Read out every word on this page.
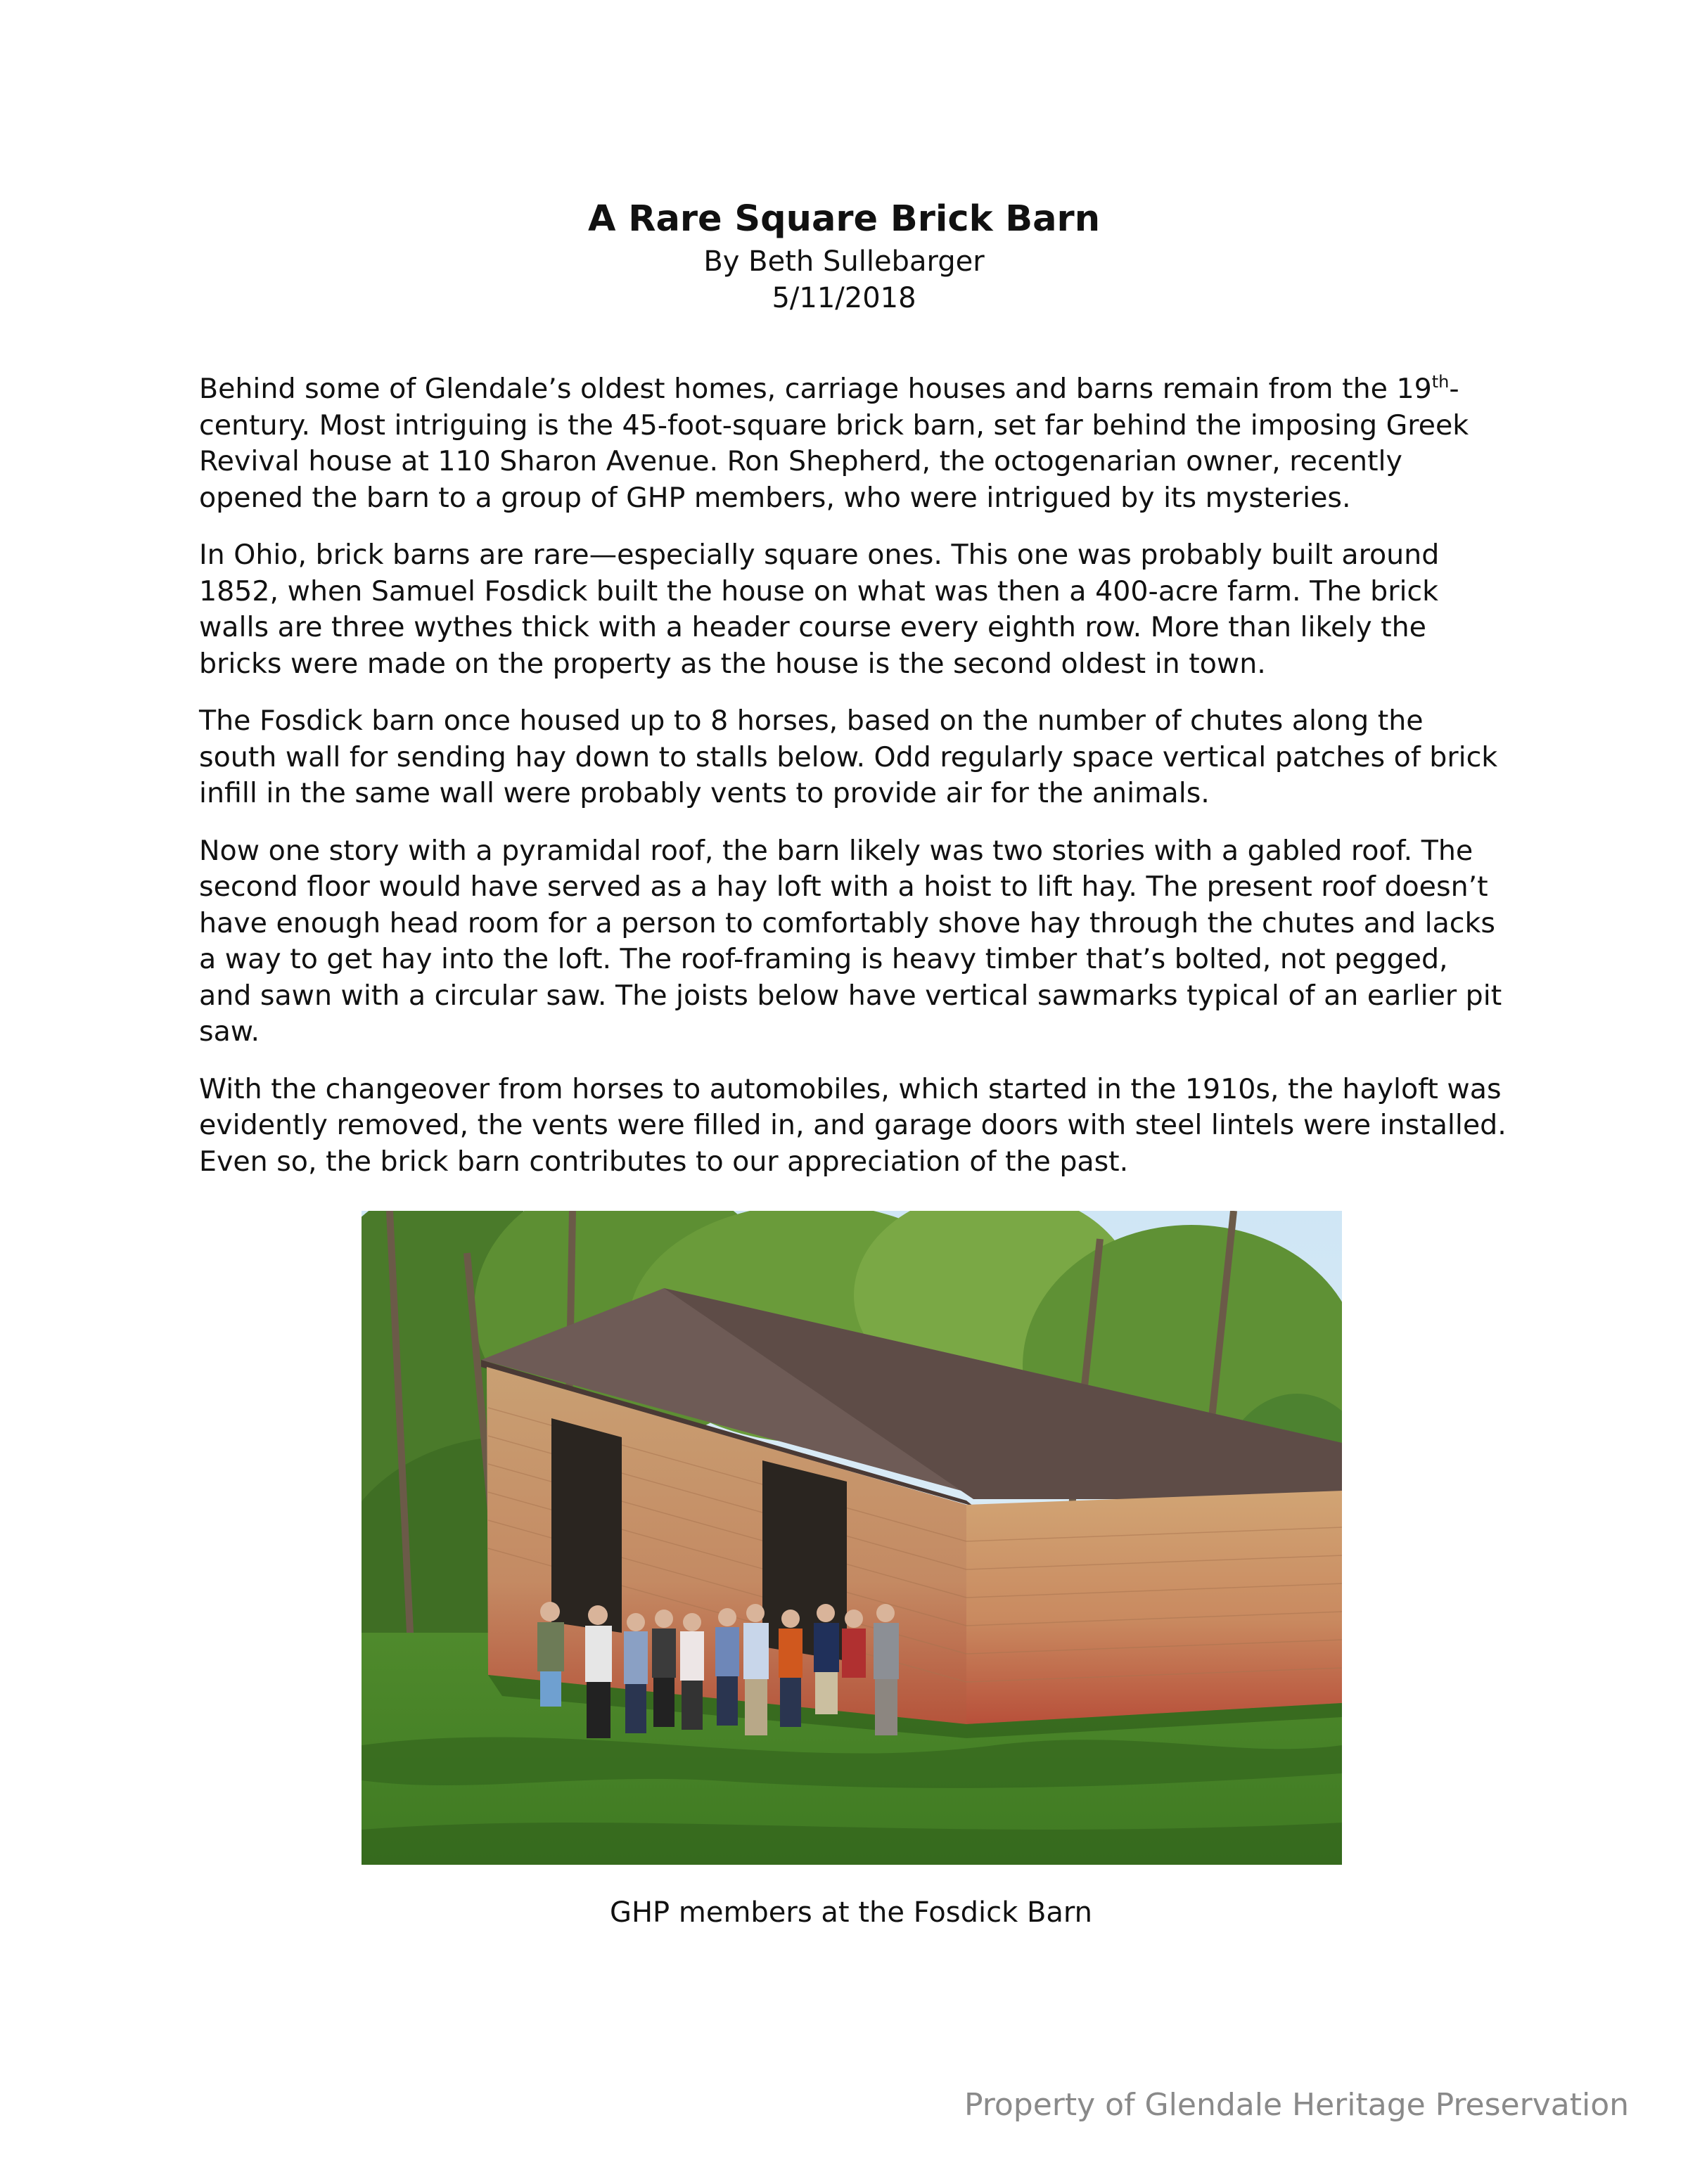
A Rare Square Brick Barn
By Beth Sullebarger
5/11/2018

Behind some of Glendale’s oldest homes, carriage houses and barns remain from the 19th- century. Most intriguing is the 45-foot-square brick barn, set far behind the imposing Greek Revival house at 110 Sharon Avenue. Ron Shepherd, the octogenarian owner, recently opened the barn to a group of GHP members, who were intrigued by its mysteries.

In Ohio, brick barns are rare—especially square ones. This one was probably built around 1852, when Samuel Fosdick built the house on what was then a 400-acre farm. The brick walls are three wythes thick with a header course every eighth row. More than likely the bricks were made on the property as the house is the second oldest in town.

The Fosdick barn once housed up to 8 horses, based on the number of chutes along the south wall for sending hay down to stalls below. Odd regularly space vertical patches of brick infill in the same wall were probably vents to provide air for the animals.

Now one story with a pyramidal roof, the barn likely was two stories with a gabled roof. The second floor would have served as a hay loft with a hoist to lift hay. The present roof doesn’t have enough head room for a person to comfortably shove hay through the chutes and lacks a way to get hay into the loft. The roof-framing is heavy timber that’s bolted, not pegged, and sawn with a circular saw. The joists below have vertical sawmarks typical of an earlier pit saw.

With the changeover from horses to automobiles, which started in the 1910s, the hayloft was evidently removed, the vents were filled in, and garage doors with steel lintels were installed. Even so, the brick barn contributes to our appreciation of the past.

GHP members at the Fosdick Barn
Property of Glendale Heritage Preservation
